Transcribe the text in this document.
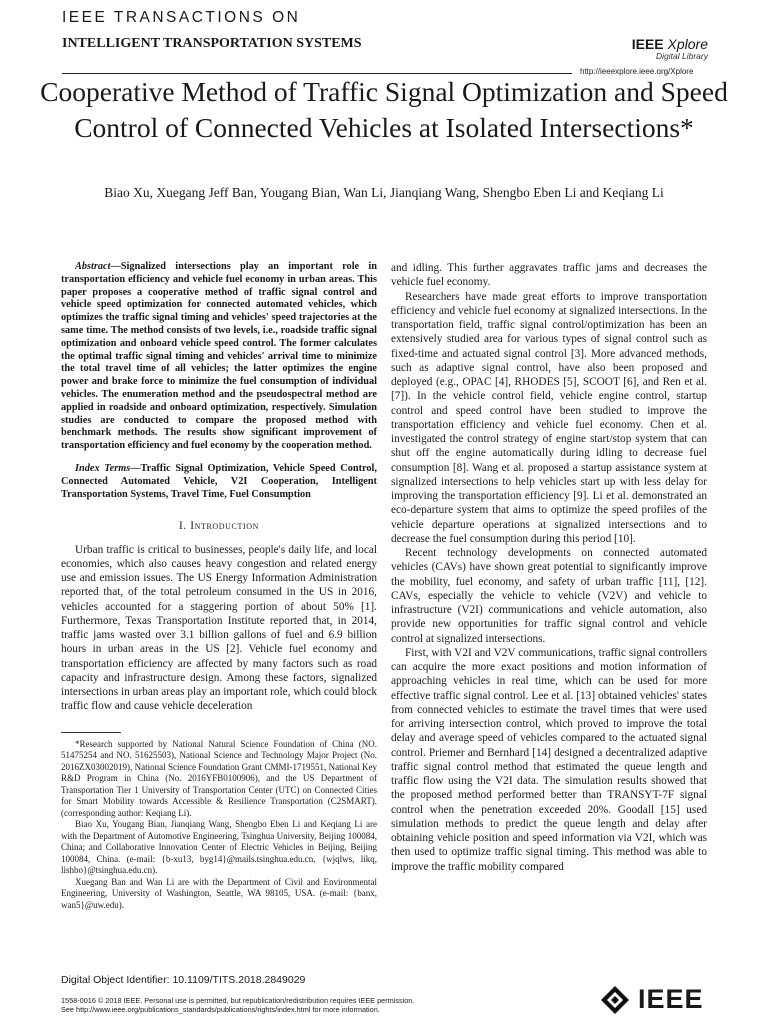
IEEE TRANSACTIONS ON
INTELLIGENT TRANSPORTATION SYSTEMS	IEEE Xplore
Digital Library
http://ieeexplore.ieee.org/Xplore
Cooperative Method of Traffic Signal Optimization and Speed Control of Connected Vehicles at Isolated Intersections*
Biao Xu, Xuegang Jeff Ban, Yougang Bian, Wan Li, Jianqiang Wang, Shengbo Eben Li and Keqiang Li

Abstract—Signalized intersections play an important role in transportation efficiency and vehicle fuel economy in urban areas. This paper proposes a cooperative method of traffic signal control and vehicle speed optimization for connected automated vehicles, which optimizes the traffic signal timing and vehicles' speed trajectories at the same time. The method consists of two levels, i.e., roadside traffic signal optimization and onboard vehicle speed control. The former calculates the optimal traffic signal timing and vehicles' arrival time to minimize the total travel time of all vehicles; the latter optimizes the engine power and brake force to minimize the fuel consumption of individual vehicles. The enumeration method and the pseudospectral method are applied in roadside and onboard optimization, respectively. Simulation studies are conducted to compare the proposed method with benchmark methods. The results show significant improvement of transportation efficiency and fuel economy by the cooperation method.

Index Terms—Traffic Signal Optimization, Vehicle Speed Control, Connected Automated Vehicle, V2I Cooperation, Intelligent Transportation Systems, Travel Time, Fuel Consumption

I. Introduction

Urban traffic is critical to businesses, people's daily life, and local economies, which also causes heavy congestion and related energy use and emission issues. The US Energy Information Administration reported that, of the total petroleum consumed in the US in 2016, vehicles accounted for a staggering portion of about 50% [1]. Furthermore, Texas Transportation Institute reported that, in 2014, traffic jams wasted over 3.1 billion gallons of fuel and 6.9 billion hours in urban areas in the US [2]. Vehicle fuel economy and transportation efficiency are affected by many factors such as road capacity and infrastructure design. Among these factors, signalized intersections in urban areas play an important role, which could block traffic flow and cause vehicle deceleration

*Research supported by National Natural Science Foundation of China (NO. 51475254 and NO. 51625503), National Science and Technology Major Project (No. 2016ZX03002019), National Science Foundation Grant CMMI-1719551, National Key R&D Program in China (No. 2016YFB0100906), and the US Department of Transportation Tier 1 University of Transportation Center (UTC) on Connected Cities for Smart Mobility towards Accessible & Resilience Transportation (C2SMART). (corresponding author: Keqiang Li).

Biao Xu, Yougang Bian, Jianqiang Wang, Shengbo Eben Li and Keqiang Li are with the Department of Automotive Engineering, Tsinghua University, Beijing 100084, China; and Collaborative Innovation Center of Electric Vehicles in Beijing, Beijing 100084, China. (e-mail: {b-xu13, byg14}@mails.tsinghua.edu.cn, {wjqlws, likq, lishbo}@tsinghua.edu.cn).

Xuegang Ban and Wan Li are with the Department of Civil and Environmental Engineering, University of Washington, Seattle, WA 98105, USA. (e-mail: {banx, wan5}@uw.edu).

and idling. This further aggravates traffic jams and decreases the vehicle fuel economy.

Researchers have made great efforts to improve transportation efficiency and vehicle fuel economy at signalized intersections. In the transportation field, traffic signal control/optimization has been an extensively studied area for various types of signal control such as fixed-time and actuated signal control [3]. More advanced methods, such as adaptive signal control, have also been proposed and deployed (e.g., OPAC [4], RHODES [5], SCOOT [6], and Ren et al. [7]). In the vehicle control field, vehicle engine control, startup control and speed control have been studied to improve the transportation efficiency and vehicle fuel economy. Chen et al. investigated the control strategy of engine start/stop system that can shut off the engine automatically during idling to decrease fuel consumption [8]. Wang et al. proposed a startup assistance system at signalized intersections to help vehicles start up with less delay for improving the transportation efficiency [9]. Li et al. demonstrated an eco-departure system that aims to optimize the speed profiles of the vehicle departure operations at signalized intersections and to decrease the fuel consumption during this period [10].

Recent technology developments on connected automated vehicles (CAVs) have shown great potential to significantly improve the mobility, fuel economy, and safety of urban traffic [11], [12]. CAVs, especially the vehicle to vehicle (V2V) and vehicle to infrastructure (V2I) communications and vehicle automation, also provide new opportunities for traffic signal control and vehicle control at signalized intersections.

First, with V2I and V2V communications, traffic signal controllers can acquire the more exact positions and motion information of approaching vehicles in real time, which can be used for more effective traffic signal control. Lee et al. [13] obtained vehicles' states from connected vehicles to estimate the travel times that were used for arriving intersection control, which proved to improve the total delay and average speed of vehicles compared to the actuated signal control. Priemer and Bernhard [14] designed a decentralized adaptive traffic signal control method that estimated the queue length and traffic flow using the V2I data. The simulation results showed that the proposed method performed better than TRANSYT-7F signal control when the penetration exceeded 20%. Goodall [15] used simulation methods to predict the queue length and delay after obtaining vehicle position and speed information via V2I, which was then used to optimize traffic signal timing. This method was able to improve the traffic mobility compared

Digital Object Identifier: 10.1109/TITS.2018.2849029
1558-0016 © 2018 IEEE. Personal use is permitted, but republication/redistribution requires IEEE permission.
See http://www.ieee.org/publications_standards/publications/rights/index.html for more information.	IEEE
